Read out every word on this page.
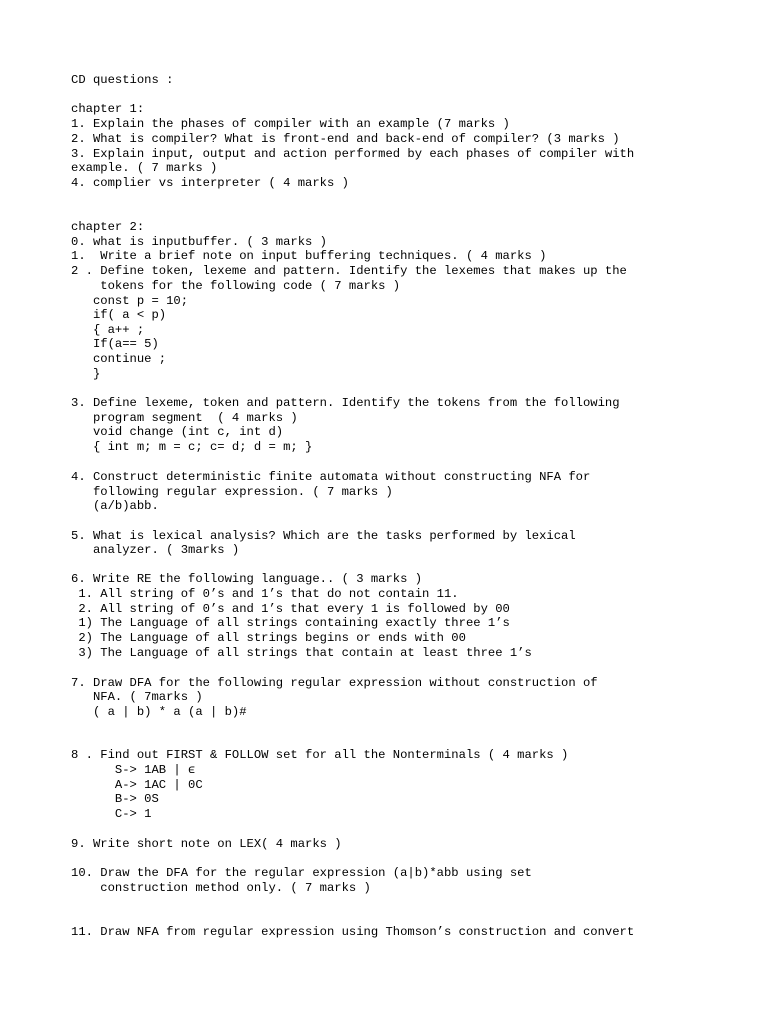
CD questions :

chapter 1:

1. Explain the phases of compiler with an example (7 marks )

2. What is compiler? What is front-end and back-end of compiler? (3 marks )

3. Explain input, output and action performed by each phases of compiler with

example. ( 7 marks )

4. complier vs interpreter ( 4 marks )

chapter 2:

0. what is inputbuffer. ( 3 marks )

1.  Write a brief note on input buffering techniques. ( 4 marks )

2 . Define token, lexeme and pattern. Identify the lexemes that makes up the

tokens for the following code ( 7 marks )

const p = 10;

if( a < p)

{ a++ ;

If(a== 5)

continue ;

}

3. Define lexeme, token and pattern. Identify the tokens from the following

program segment  ( 4 marks )

void change (int c, int d)

{ int m; m = c; c= d; d = m; }

4. Construct deterministic finite automata without constructing NFA for

following regular expression. ( 7 marks )

(a/b)abb.

5. What is lexical analysis? Which are the tasks performed by lexical

analyzer. ( 3marks )

6. Write RE the following language.. ( 3 marks )

1. All string of 0’s and 1’s that do not contain 11.

2. All string of 0’s and 1’s that every 1 is followed by 00

1) The Language of all strings containing exactly three 1’s

2) The Language of all strings begins or ends with 00

3) The Language of all strings that contain at least three 1’s

7. Draw DFA for the following regular expression without construction of

NFA. ( 7marks )

( a | b) * a (a | b)#

8 . Find out FIRST & FOLLOW set for all the Nonterminals ( 4 marks )

S-> 1AB | ϵ

A-> 1AC | 0C

B-> 0S

C-> 1

9. Write short note on LEX( 4 marks )

10. Draw the DFA for the regular expression (a|b)*abb using set

construction method only. ( 7 marks )

11. Draw NFA from regular expression using Thomson’s construction and convert
